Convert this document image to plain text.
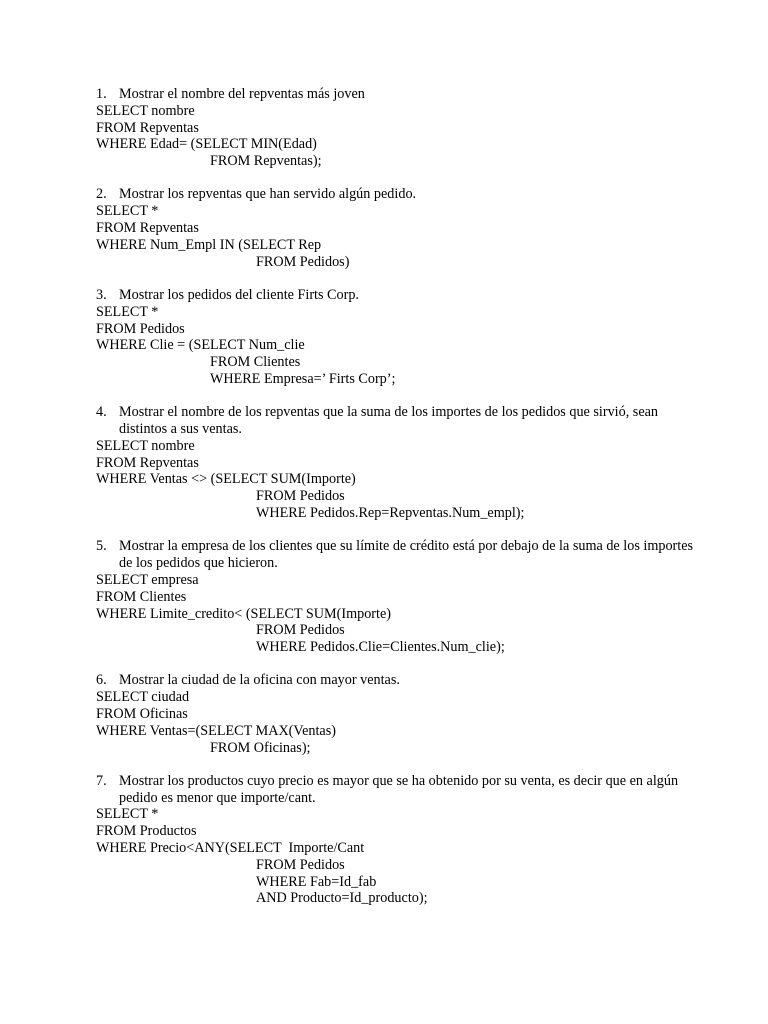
1. Mostrar el nombre del repventas más joven
SELECT nombre
FROM Repventas
WHERE Edad= (SELECT MIN(Edad)
FROM Repventas);
2. Mostrar los repventas que han servido algún pedido.
SELECT *
FROM Repventas
WHERE Num_Empl IN (SELECT Rep
FROM Pedidos)
3. Mostrar los pedidos del cliente Firts Corp.
SELECT *
FROM Pedidos
WHERE Clie = (SELECT Num_clie
FROM Clientes
WHERE Empresa=’ Firts Corp’;
4. Mostrar el nombre de los repventas que la suma de los importes de los pedidos que sirvió, sean distintos a sus ventas.
SELECT nombre
FROM Repventas
WHERE Ventas <> (SELECT SUM(Importe)
FROM Pedidos
WHERE Pedidos.Rep=Repventas.Num_empl);
5. Mostrar la empresa de los clientes que su límite de crédito está por debajo de la suma de los importes de los pedidos que hicieron.
SELECT empresa
FROM Clientes
WHERE Limite_credito< (SELECT SUM(Importe)
FROM Pedidos
WHERE Pedidos.Clie=Clientes.Num_clie);
6. Mostrar la ciudad de la oficina con mayor ventas.
SELECT ciudad
FROM Oficinas
WHERE Ventas=(SELECT MAX(Ventas)
FROM Oficinas);
7. Mostrar los productos cuyo precio es mayor que se ha obtenido por su venta, es decir que en algún pedido es menor que importe/cant.
SELECT *
FROM Productos
WHERE Precio<ANY(SELECT  Importe/Cant
FROM Pedidos
WHERE Fab=Id_fab
AND Producto=Id_producto);
